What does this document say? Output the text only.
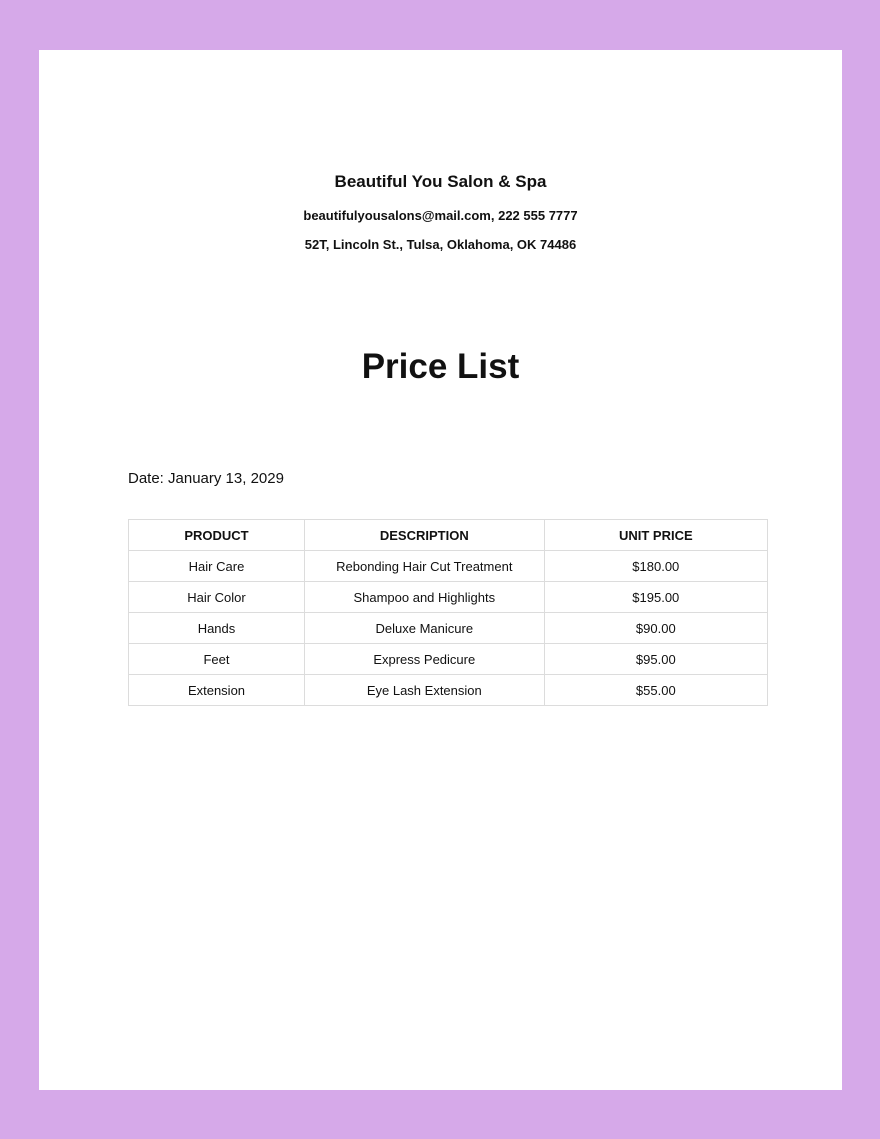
Beautiful You Salon & Spa
beautifulyousalons@mail.com, 222 555 7777
52T, Lincoln St., Tulsa, Oklahoma, OK 74486
Price List
Date: January 13, 2029
PRODUCT	DESCRIPTION	UNIT PRICE
Hair Care	Rebonding Hair Cut Treatment	$180.00
Hair Color	Shampoo and Highlights	$195.00
Hands	Deluxe Manicure	$90.00
Feet	Express Pedicure	$95.00
Extension	Eye Lash Extension	$55.00
